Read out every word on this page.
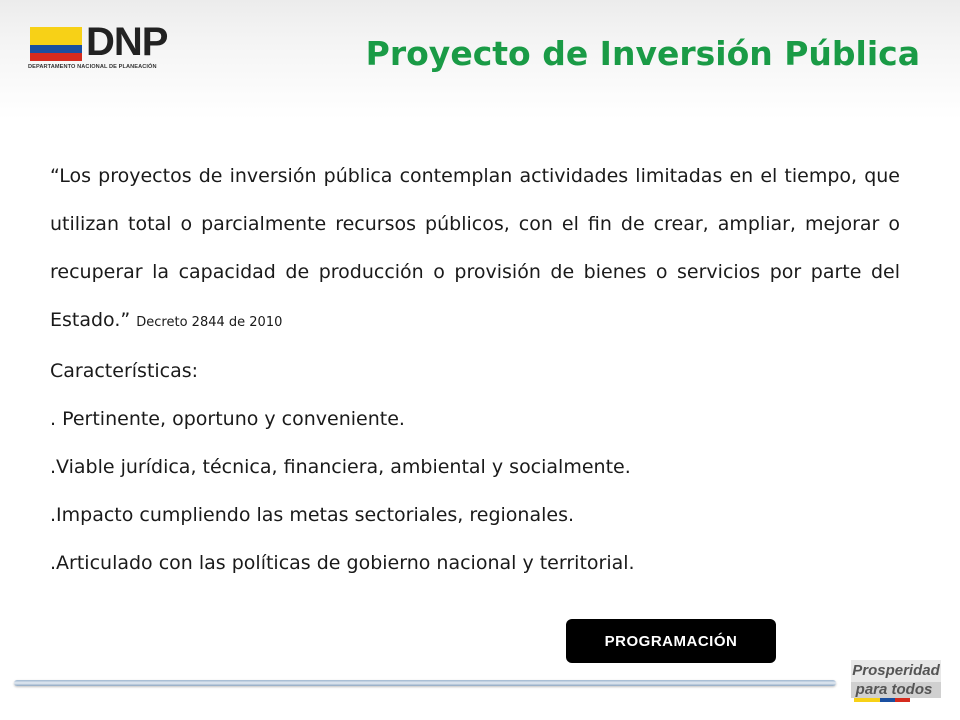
DNP
DEPARTAMENTO NACIONAL DE PLANEACIÓN	Proyecto de Inversión Pública

“Los proyectos de inversión pública contemplan actividades limitadas en el tiempo, que utilizan total o parcialmente recursos públicos, con el fin de crear, ampliar, mejorar o recuperar la capacidad de producción o provisión de bienes o servicios por parte del Estado.” Decreto 2844 de 2010

Características:

. Pertinente, oportuno y conveniente.

.Viable jurídica, técnica, financiera, ambiental y socialmente.

.Impacto cumpliendo las metas sectoriales, regionales.

.Articulado con las políticas de gobierno nacional y territorial.

PROGRAMACIÓN
Prosperidad
para todos
